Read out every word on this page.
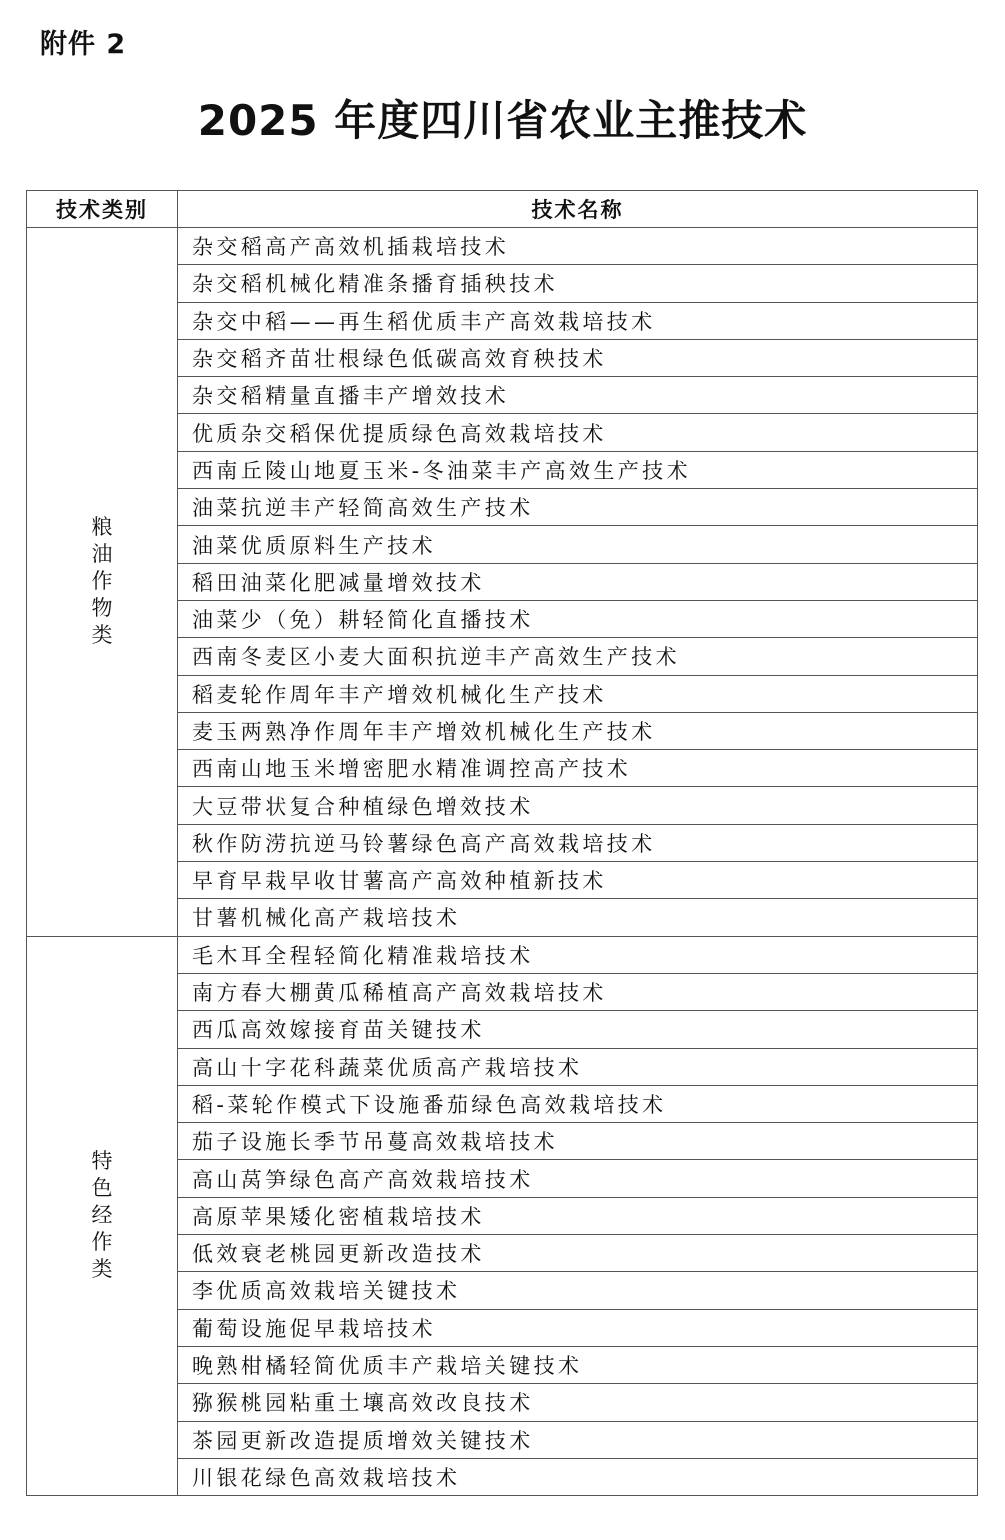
附件 2
2025 年度四川省农业主推技术
技术类别	技术名称
粮油作物类	杂交稻高产高效机插栽培技术
	杂交稻机械化精准条播育插秧技术
	杂交中稻——再生稻优质丰产高效栽培技术
	杂交稻齐苗壮根绿色低碳高效育秧技术
	杂交稻精量直播丰产增效技术
	优质杂交稻保优提质绿色高效栽培技术
	西南丘陵山地夏玉米-冬油菜丰产高效生产技术
	油菜抗逆丰产轻简高效生产技术
	油菜优质原料生产技术
	稻田油菜化肥减量增效技术
	油菜少（免）耕轻简化直播技术
	西南冬麦区小麦大面积抗逆丰产高效生产技术
	稻麦轮作周年丰产增效机械化生产技术
	麦玉两熟净作周年丰产增效机械化生产技术
	西南山地玉米增密肥水精准调控高产技术
	大豆带状复合种植绿色增效技术
	秋作防涝抗逆马铃薯绿色高产高效栽培技术
	早育早栽早收甘薯高产高效种植新技术
	甘薯机械化高产栽培技术
特色经作类	毛木耳全程轻简化精准栽培技术
	南方春大棚黄瓜稀植高产高效栽培技术
	西瓜高效嫁接育苗关键技术
	高山十字花科蔬菜优质高产栽培技术
	稻-菜轮作模式下设施番茄绿色高效栽培技术
	茄子设施长季节吊蔓高效栽培技术
	高山莴笋绿色高产高效栽培技术
	高原苹果矮化密植栽培技术
	低效衰老桃园更新改造技术
	李优质高效栽培关键技术
	葡萄设施促早栽培技术
	晚熟柑橘轻简优质丰产栽培关键技术
	猕猴桃园粘重土壤高效改良技术
	茶园更新改造提质增效关键技术
	川银花绿色高效栽培技术
